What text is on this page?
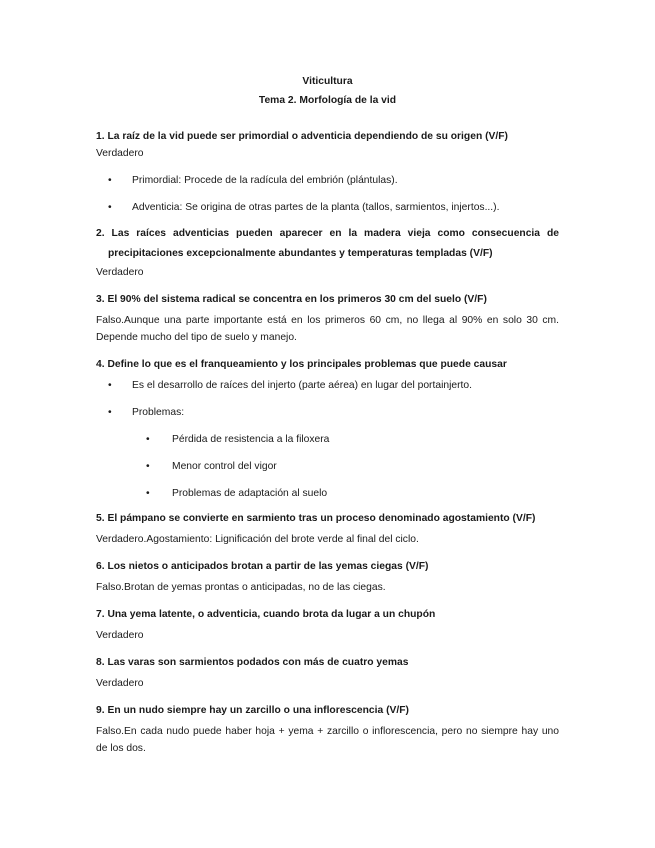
Viticultura
Tema 2. Morfología de la vid

1. La raíz de la vid puede ser primordial o adventicia dependiendo de su origen (V/F)

Verdadero

• Primordial: Procede de la radícula del embrión (plántulas).
• Adventicia: Se origina de otras partes de la planta (tallos, sarmientos, injertos...).

2. Las raíces adventicias pueden aparecer en la madera vieja como consecuencia de precipitaciones excepcionalmente abundantes y temperaturas templadas (V/F)

Verdadero

3. El 90% del sistema radical se concentra en los primeros 30 cm del suelo (V/F)

Falso.Aunque una parte importante está en los primeros 60 cm, no llega al 90% en solo 30 cm. Depende mucho del tipo de suelo y manejo.

4. Define lo que es el franqueamiento y los principales problemas que puede causar

• Es el desarrollo de raíces del injerto (parte aérea) en lugar del portainjerto.
• Problemas:
• Pérdida de resistencia a la filoxera
• Menor control del vigor
• Problemas de adaptación al suelo

5. El pámpano se convierte en sarmiento tras un proceso denominado agostamiento (V/F)

Verdadero.Agostamiento: Lignificación del brote verde al final del ciclo.

6. Los nietos o anticipados brotan a partir de las yemas ciegas (V/F)

Falso.Brotan de yemas prontas o anticipadas, no de las ciegas.

7. Una yema latente, o adventicia, cuando brota da lugar a un chupón

Verdadero

8. Las varas son sarmientos podados con más de cuatro yemas

Verdadero

9. En un nudo siempre hay un zarcillo o una inflorescencia (V/F)

Falso.En cada nudo puede haber hoja + yema + zarcillo o inflorescencia, pero no siempre hay uno de los dos.
